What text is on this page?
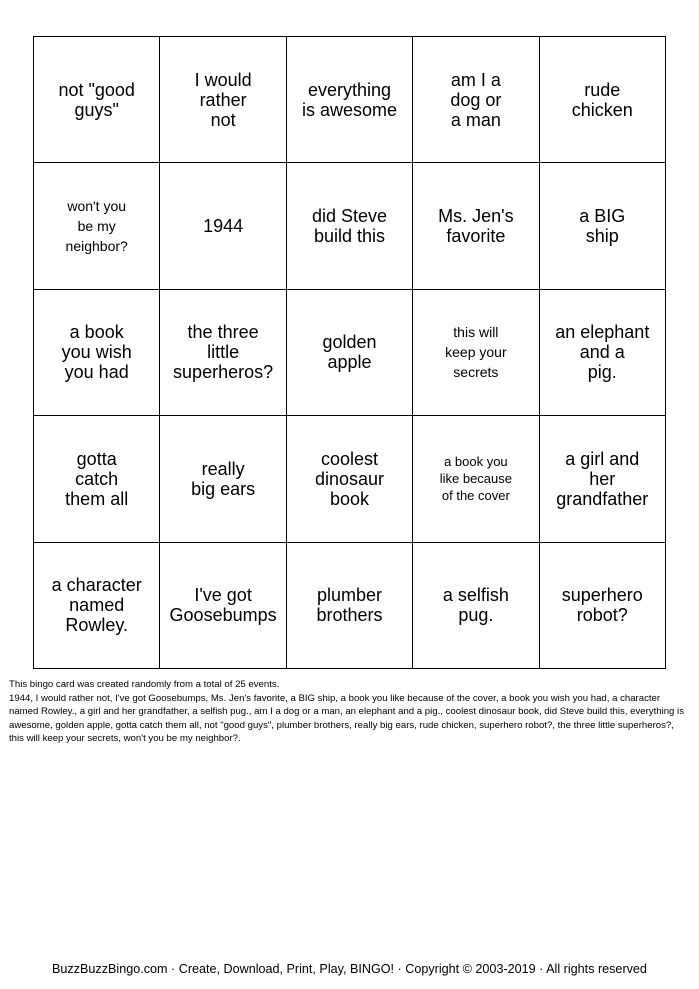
not "good
guys"	I would
rather
not	everything
is awesome	am I a
dog or
a man	rude
chicken

won't you
be my
neighbor?	1944	did Steve
build this	Ms. Jen's
favorite	a BIG
ship

a book
you wish
you had	the three
little
superheros?	golden
apple	this will
keep your
secrets	an elephant
and a
pig.

gotta
catch
them all	really
big ears	coolest
dinosaur
book	a book you
like because
of the cover	a girl and
her
grandfather

a character
named
Rowley.	I've got
Goosebumps	plumber
brothers	a selfish
pug.	superhero
robot?

This bingo card was created randomly from a total of 25 events.

1944, I would rather not, I've got Goosebumps, Ms. Jen's favorite, a BIG ship, a book you like because of the cover, a book you wish you had, a character named Rowley., a girl and her grandfather, a selfish pug., am I a dog or a man, an elephant and a pig., coolest dinosaur book, did Steve build this, everything is awesome, golden apple, gotta catch them all, not "good guys", plumber brothers, really big ears, rude chicken, superhero robot?, the three little superheros?, this will keep your secrets, won't you be my neighbor?.

BuzzBuzzBingo.com · Create, Download, Print, Play, BINGO! · Copyright © 2003-2019 · All rights reserved
